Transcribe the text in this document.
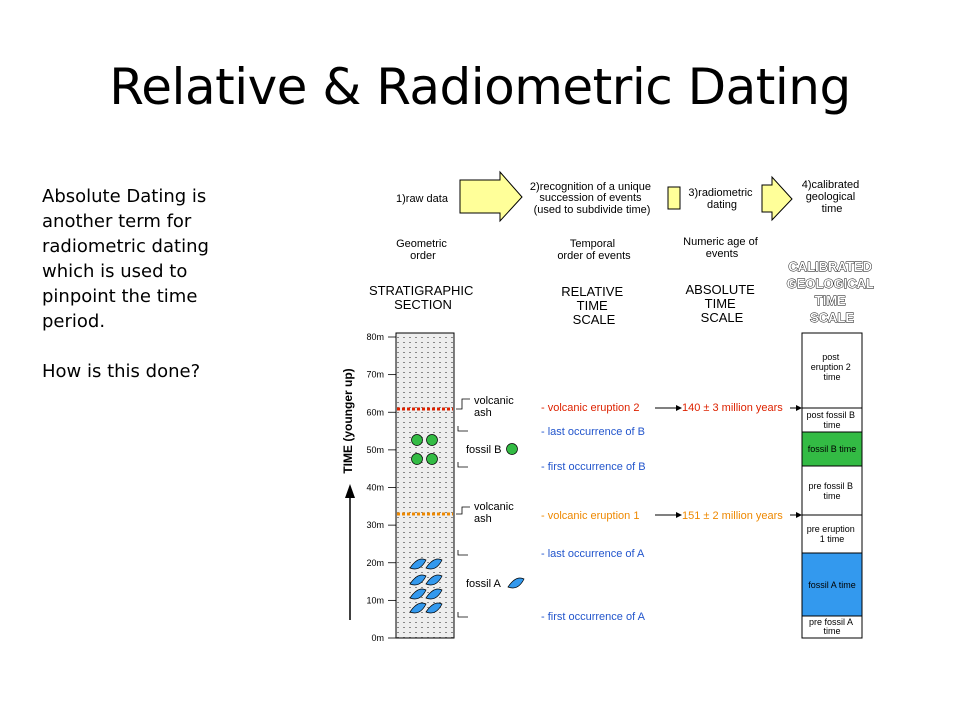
Relative & Radiometric Dating

Absolute Dating is another term for radiometric dating which is used to pinpoint the time period.

How is this done?

1)raw data
2)recognition of a unique succession of events (used to subdivide time)
3)radiometric dating
4)calibrated geological time
Geometric order
Temporal order of events
Numeric age of events
STRATIGRAPHIC SECTION
RELATIVE TIME SCALE
ABSOLUTE TIME SCALE
CALIBRATED GEOLOGICAL TIME SCALE
TIME (younger up)
80m
70m
60m
50m
40m
30m
20m
10m
0m
volcanic ash
fossil B
volcanic ash
fossil A
- volcanic eruption 2
- last occurrence of B
- first occurrence of B
- volcanic eruption 1
- last occurrence of A
- first occurrence of A
140 ± 3 million years
151 ± 2 million years
post eruption 2 time
post fossil B time
fossil B time
pre fossil B time
pre eruption 1 time
fossil A time
pre fossil A time
